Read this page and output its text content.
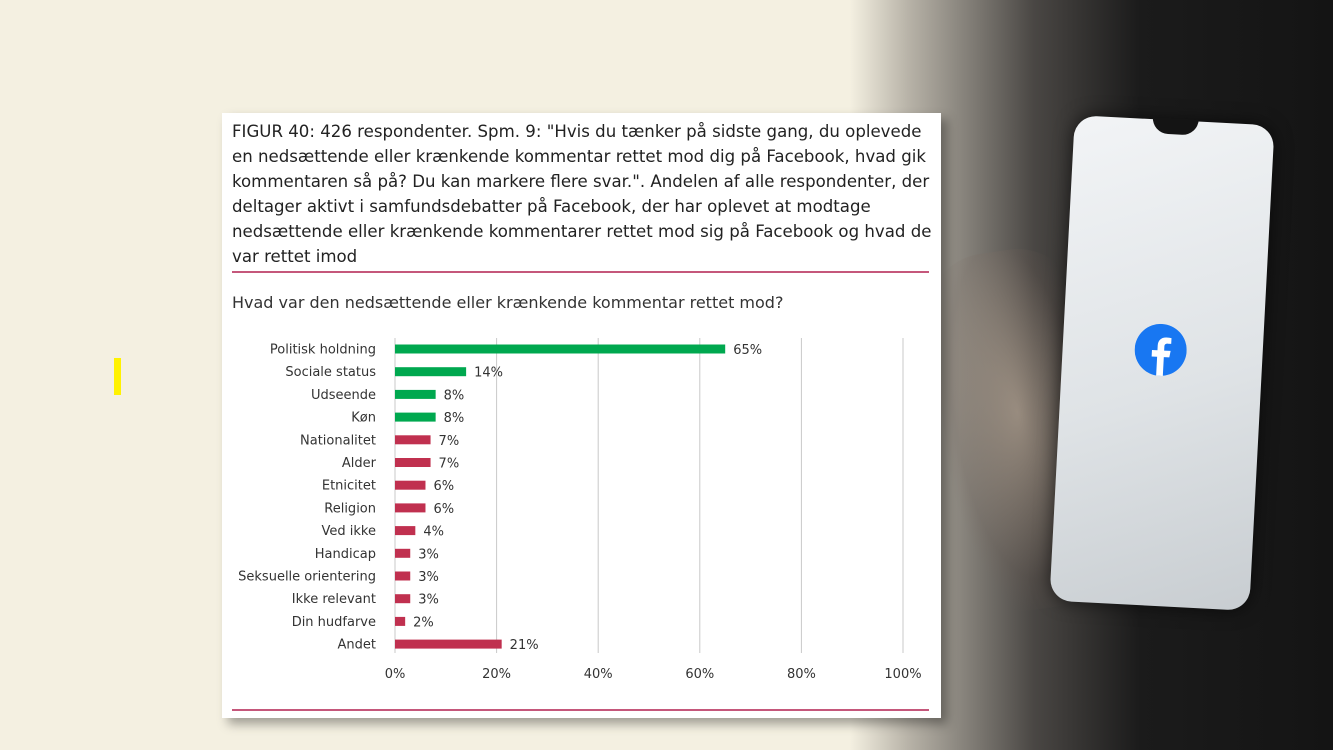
FIGUR 40: 426 respondenter. Spm. 9: "Hvis du tænker på sidste gang, du oplevede en nedsættende eller krænkende kommentar rettet mod dig på Facebook, hvad gik kommentaren så på? Du kan markere flere svar.". Andelen af alle respondenter, der deltager aktivt i samfundsdebatter på Facebook, der har oplevet at modtage nedsættende eller krænkende kommentarer rettet mod sig på Facebook og hvad de var rettet imod
Hvad var den nedsættende eller krænkende kommentar rettet mod?
0%	20%	40%	60%	80%	100%
Politisk holdning	65%
Sociale status	14%
Udseende	8%
Køn	8%
Nationalitet	7%
Alder	7%
Etnicitet	6%
Religion	6%
Ved ikke	4%
Handicap	3%
Seksuelle orientering	3%
Ikke relevant	3%
Din hudfarve	2%
Andet	21%
